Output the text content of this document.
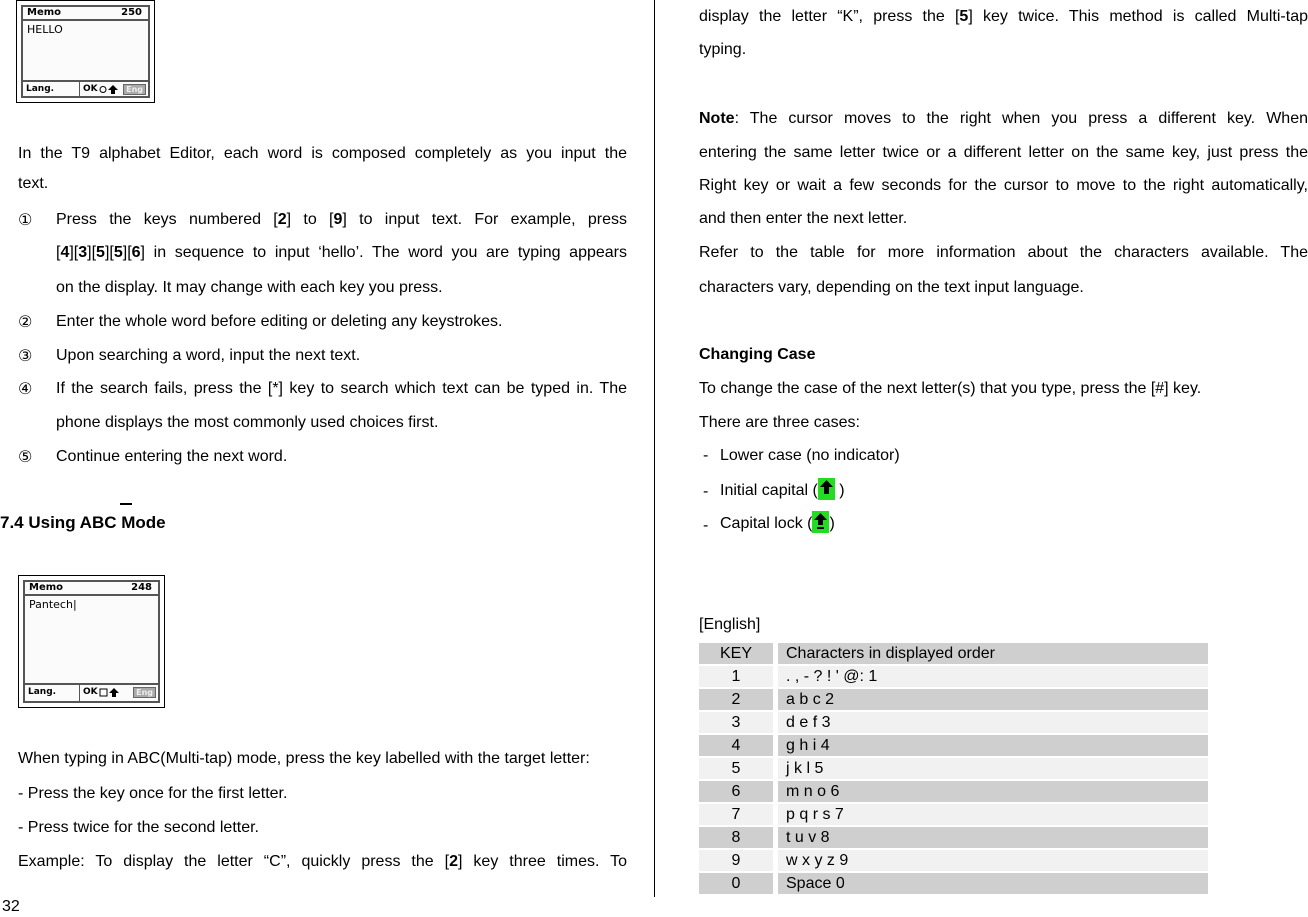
Memo	250
HELLO
Lang.	OK	Eng
In the T9 alphabet Editor, each word is composed completely as you input the
text.
① Press the keys numbered [2] to [9] to input text. For example, press
[4][3][5][5][6] in sequence to input ‘hello’. The word you are typing appears
on the display. It may change with each key you press.
② Enter the whole word before editing or deleting any keystrokes.
③ Upon searching a word, input the next text.
④ If the search fails, press the [*] key to search which text can be typed in. The
phone displays the most commonly used choices first.
⑤ Continue entering the next word.
7.4 Using ABC Mode
Memo	248
Pantech|
Lang.	OK	Eng
When typing in ABC(Multi-tap) mode, press the key labelled with the target letter:
- Press the key once for the first letter.
- Press twice for the second letter.
Example: To display the letter “C”, quickly press the [2] key three times. To
32
display the letter “K”, press the [5] key twice. This method is called Multi-tap
typing.
Note: The cursor moves to the right when you press a different key. When
entering the same letter twice or a different letter on the same key, just press the
Right key or wait a few seconds for the cursor to move to the right automatically,
and then enter the next letter.
Refer to the table for more information about the characters available. The
characters vary, depending on the text input language.
Changing Case
To change the case of the next letter(s) that you type, press the [#] key.
There are three cases:
- Lower case (no indicator)
- Initial capital (
)
- Capital lock ( )
[English]
KEY		Characters in displayed order
1		. , - ? ! ' @: 1
2		a b c 2
3		d e f 3
4		g h i 4
5		j k l 5
6		m n o 6
7		p q r s 7
8		t u v 8
9		w x y z 9
0		Space 0
